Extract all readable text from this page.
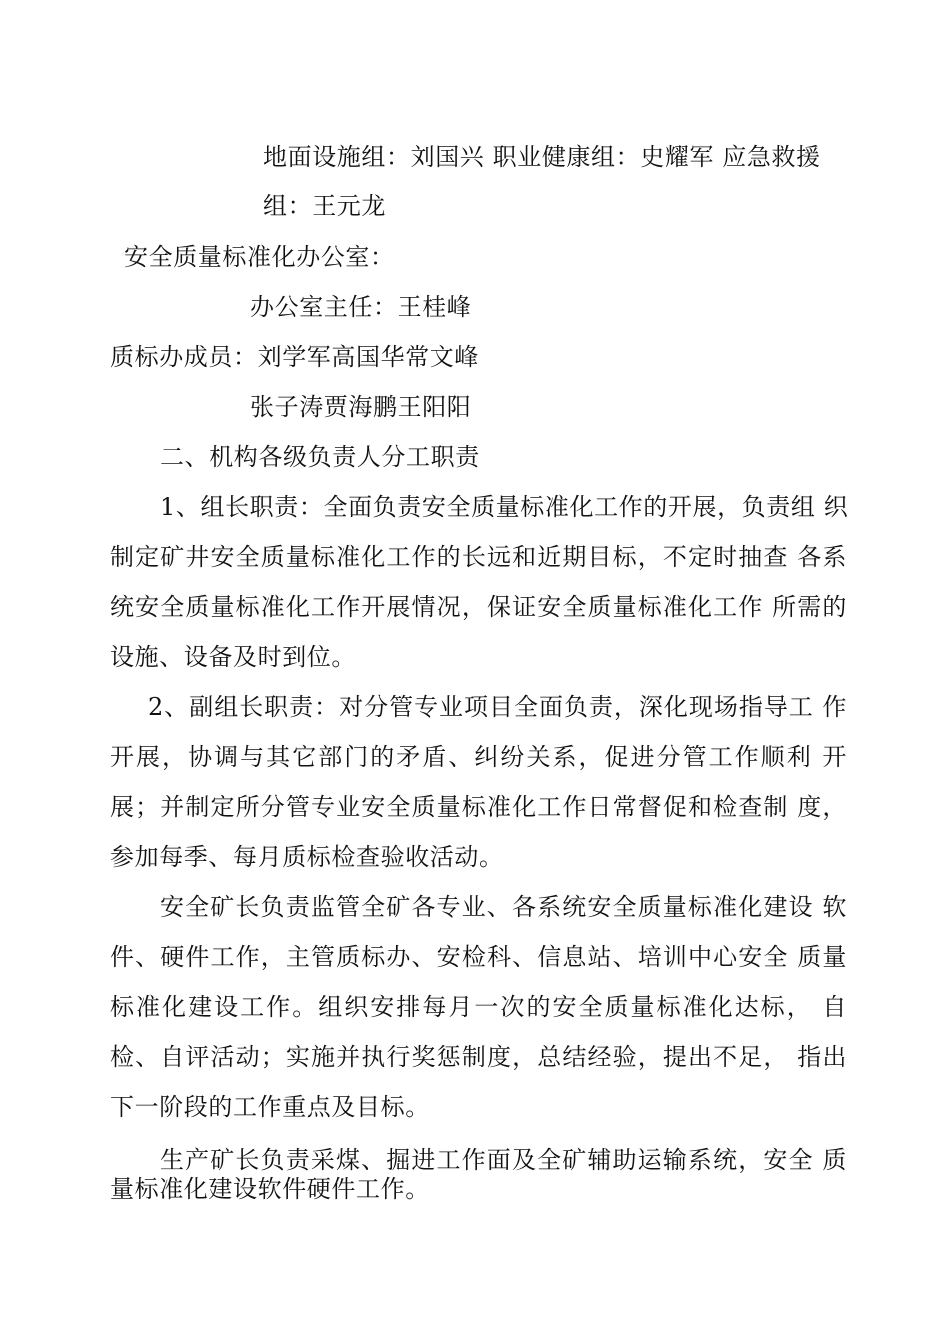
地面设施组：刘国兴 职业健康组：史耀军 应急救援
组：王元龙
安全质量标准化办公室：
办公室主任：王桂峰
质标办成员：刘学军高国华常文峰
张子涛贾海鹏王阳阳
二、机构各级负责人分工职责
1、组长职责：全面负责安全质量标准化工作的开展，负责组 织
制定矿井安全质量标准化工作的长远和近期目标，不定时抽查 各系
统安全质量标准化工作开展情况，保证安全质量标准化工作 所需的
设施、设备及时到位。
2、副组长职责：对分管专业项目全面负责，深化现场指导工 作
开展，协调与其它部门的矛盾、纠纷关系，促进分管工作顺利 开
展；并制定所分管专业安全质量标准化工作日常督促和检查制 度，
参加每季、每月质标检查验收活动。
安全矿长负责监管全矿各专业、各系统安全质量标准化建设 软
件、硬件工作，主管质标办、安检科、信息站、培训中心安全 质量
标准化建设工作。组织安排每月一次的安全质量标准化达标， 自
检、自评活动；实施并执行奖惩制度，总结经验，提出不足， 指出
下一阶段的工作重点及目标。
生产矿长负责采煤、掘进工作面及全矿辅助运输系统，安全 质
量标准化建设软件硬件工作。
